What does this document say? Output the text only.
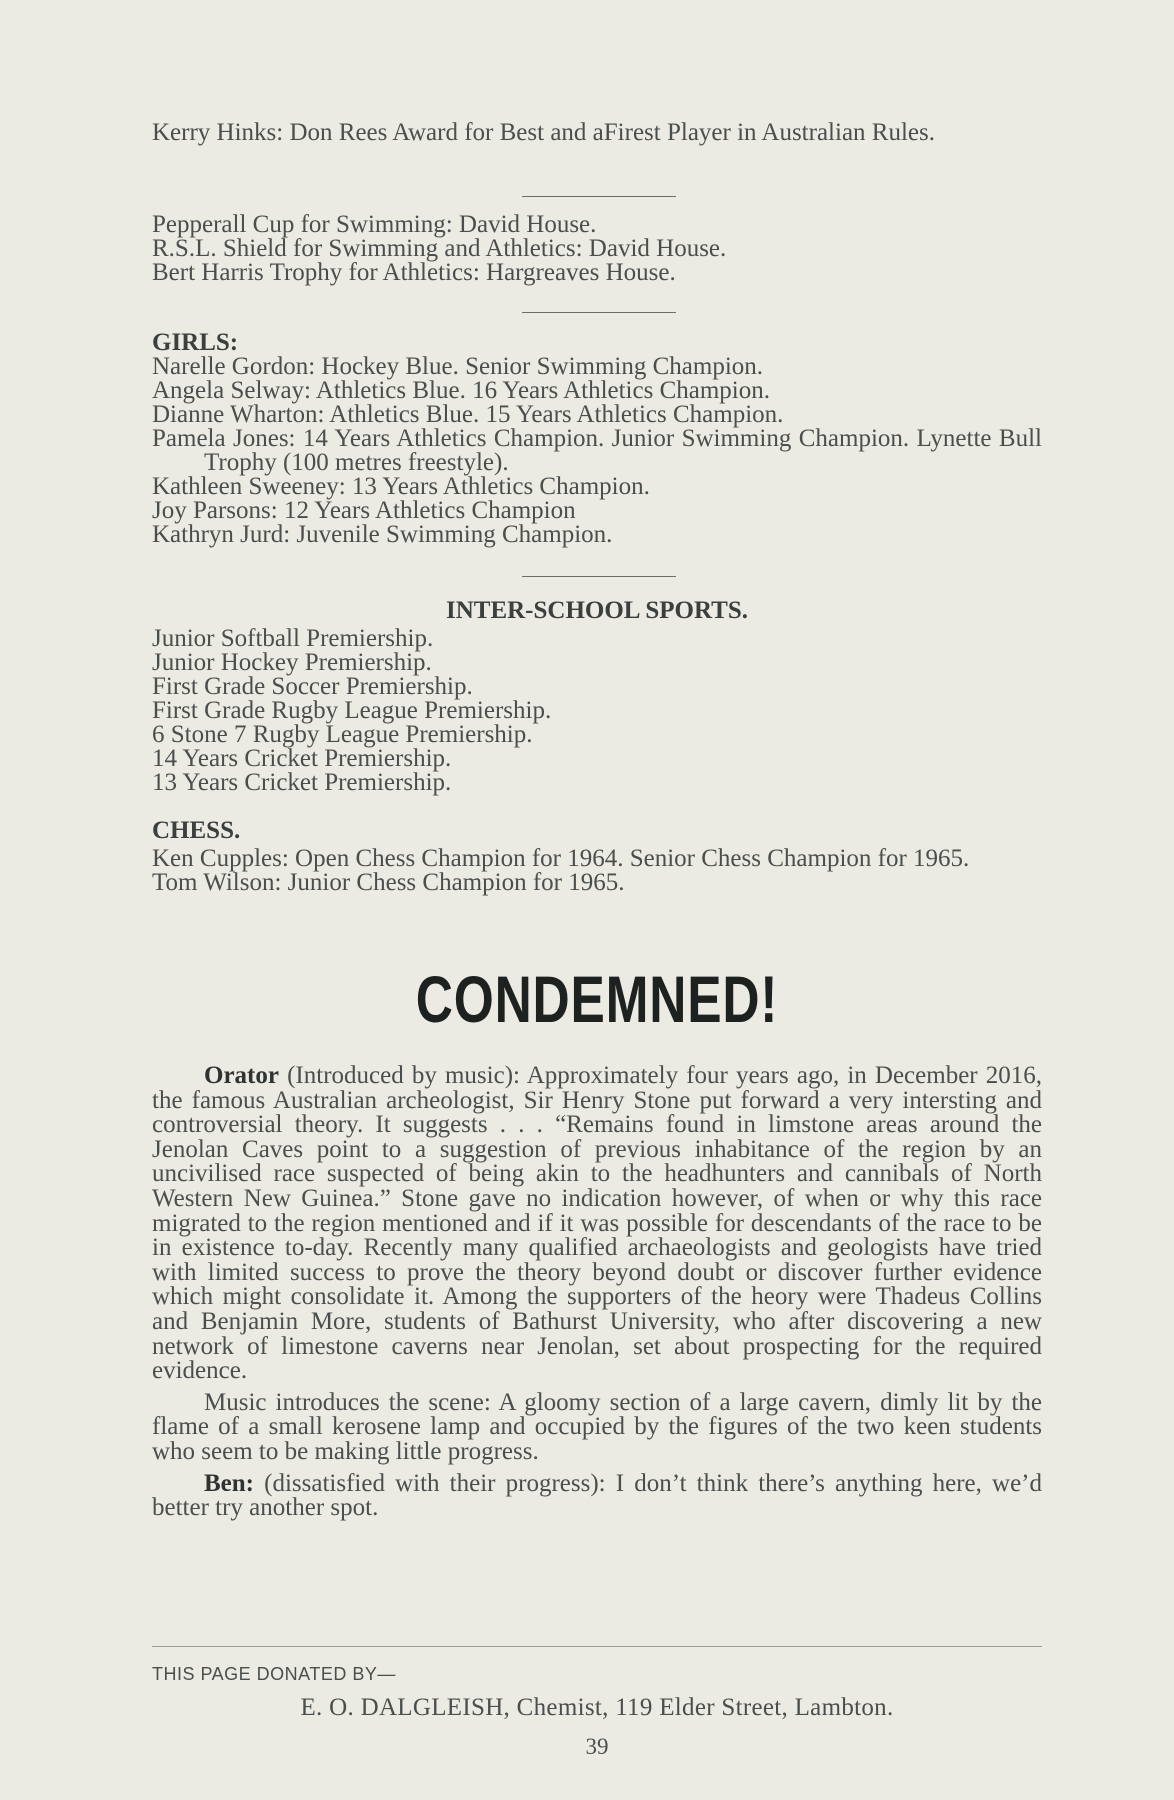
Kerry Hinks: Don Rees Award for Best and aFirest Player in Australian Rules.

Pepperall Cup for Swimming: David House.

R.S.L. Shield for Swimming and Athletics: David House.

Bert Harris Trophy for Athletics: Hargreaves House.

GIRLS:

Narelle Gordon: Hockey Blue. Senior Swimming Champion.

Angela Selway: Athletics Blue. 16 Years Athletics Champion.

Dianne Wharton: Athletics Blue. 15 Years Athletics Champion.

Pamela Jones: 14 Years Athletics Champion. Junior Swimming Champion. Lynette Bull Trophy (100 metres freestyle).

Kathleen Sweeney: 13 Years Athletics Champion.

Joy Parsons: 12 Years Athletics Champion

Kathryn Jurd: Juvenile Swimming Champion.

INTER-SCHOOL SPORTS.

Junior Softball Premiership.

Junior Hockey Premiership.

First Grade Soccer Premiership.

First Grade Rugby League Premiership.

6 Stone 7 Rugby League Premiership.

14 Years Cricket Premiership.

13 Years Cricket Premiership.

CHESS.

Ken Cupples: Open Chess Champion for 1964. Senior Chess Champion for 1965.

Tom Wilson: Junior Chess Champion for 1965.

CONDEMNED!

Orator (Introduced by music): Approximately four years ago, in December 2016, the famous Australian archeologist, Sir Henry Stone put forward a very intersting and controversial theory. It suggests . . . “Remains found in limstone areas around the Jenolan Caves point to a suggestion of previous inhabitance of the region by an uncivilised race suspected of being akin to the headhunters and cannibals of North Western New Guinea.” Stone gave no indication however, of when or why this race migrated to the region mentioned and if it was possible for descendants of the race to be in existence to-day. Recently many qualified archaeologists and geologists have tried with limited success to prove the theory beyond doubt or discover further evidence which might consolidate it. Among the supporters of the heory were Thadeus Collins and Benjamin More, students of Bathurst University, who after discovering a new network of limestone caverns near Jenolan, set about prospecting for the required evidence.

Music introduces the scene: A gloomy section of a large cavern, dimly lit by the flame of a small kerosene lamp and occupied by the figures of the two keen students who seem to be making little progress.

Ben: (dissatisfied with their progress): I don’t think there’s anything here, we’d better try another spot.

THIS PAGE DONATED BY—
E. O. DALGLEISH, Chemist, 119 Elder Street, Lambton.
39
